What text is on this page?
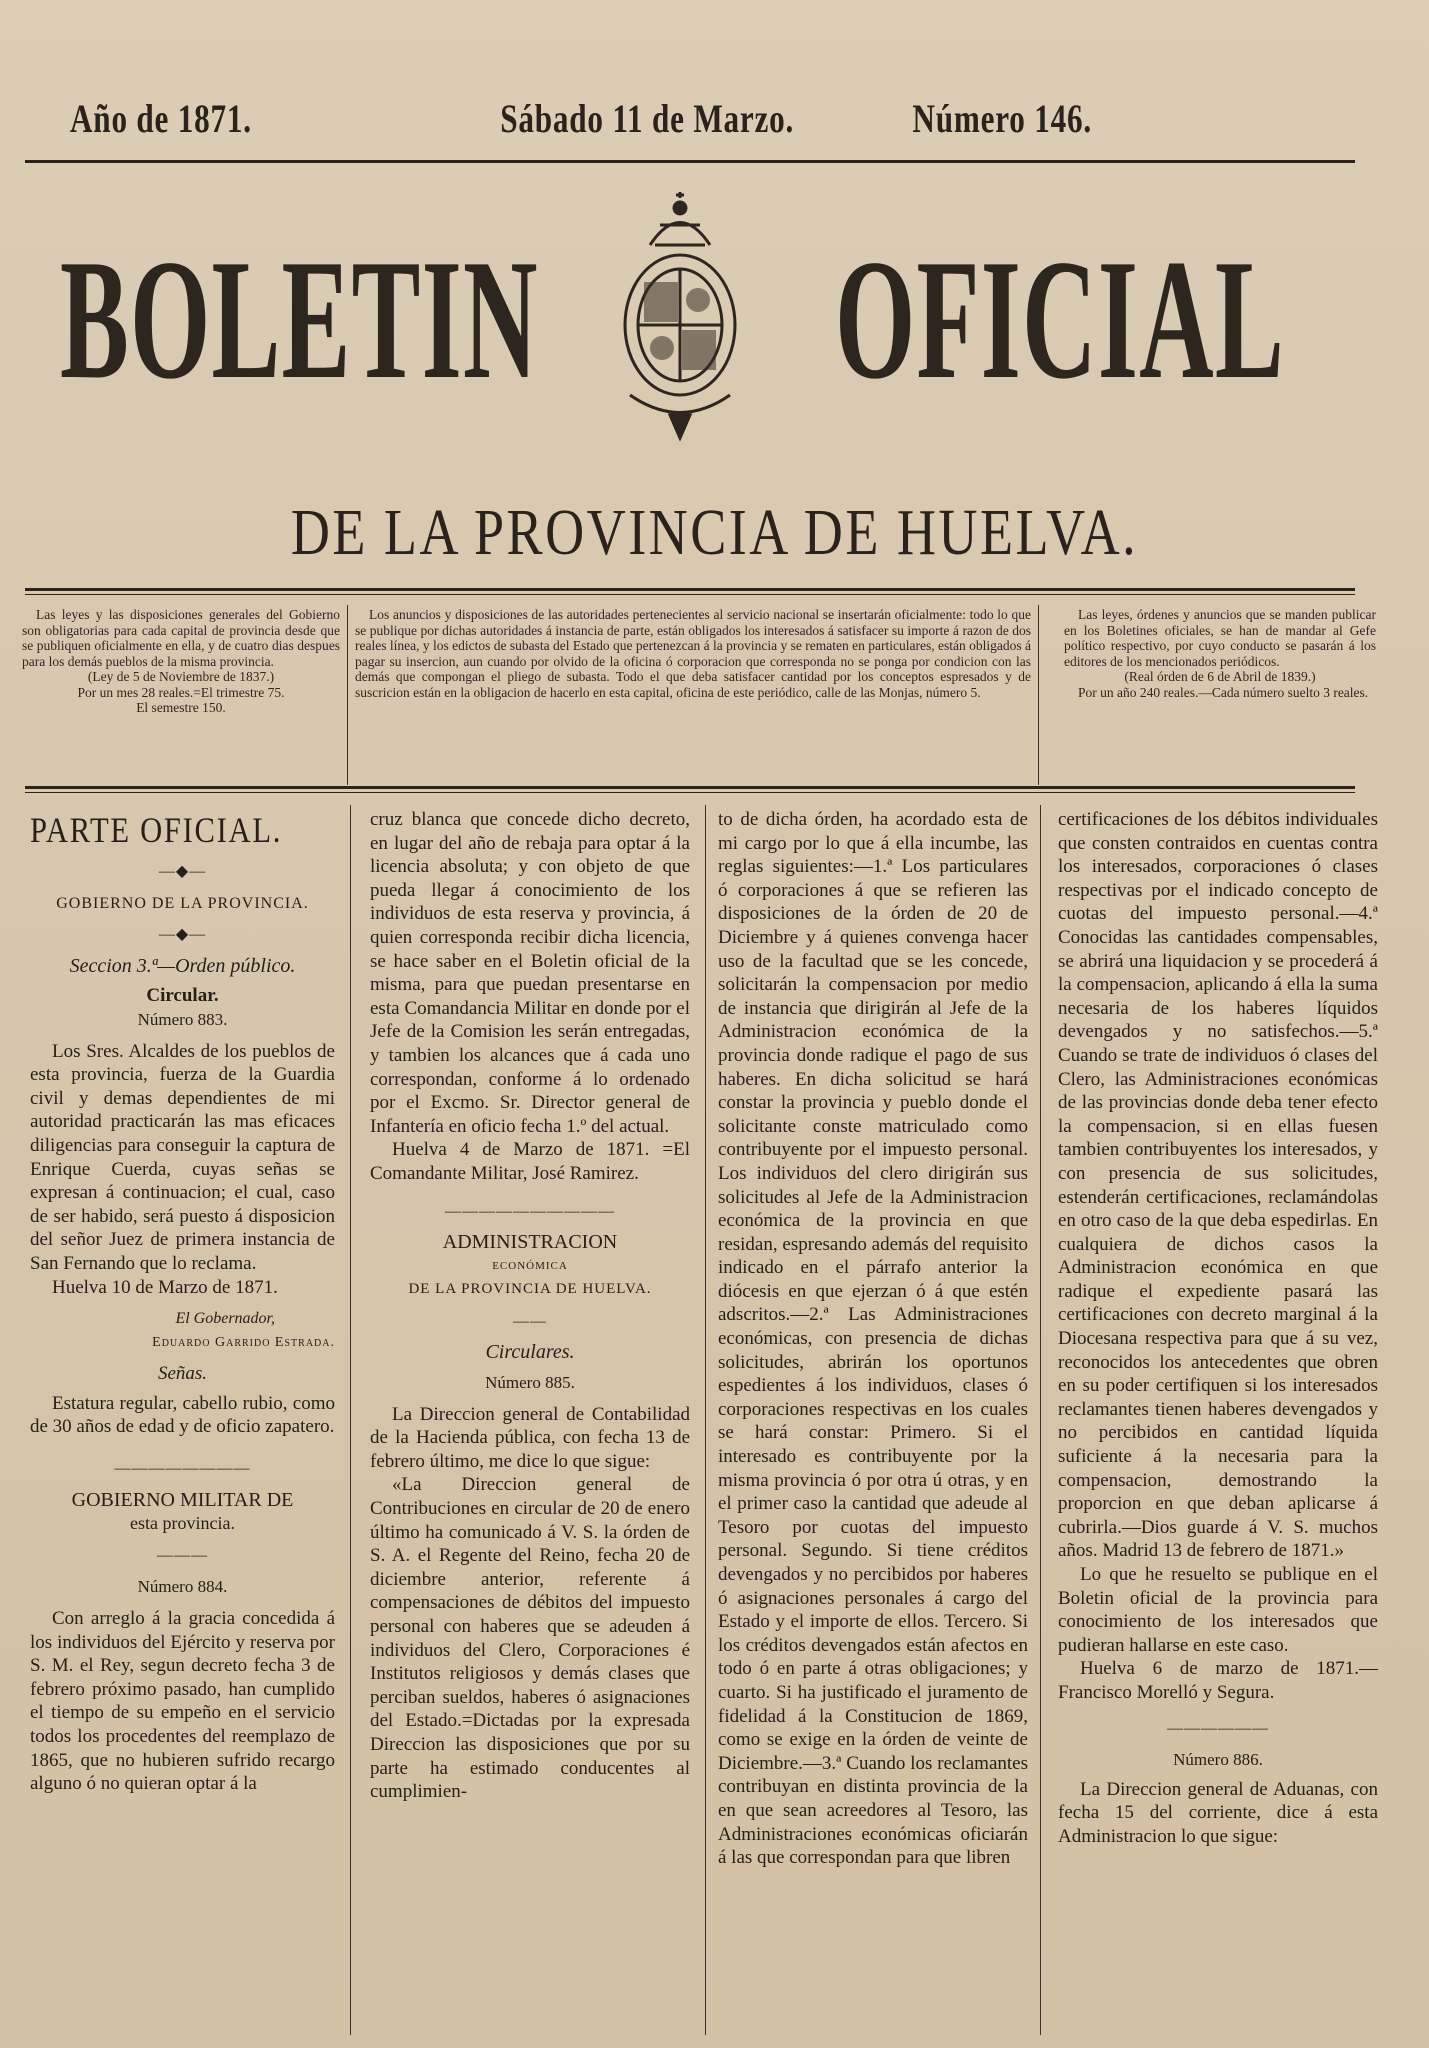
Año de 1871.	Sábado 11 de Marzo.	Número 146.
BOLETIN OFICIAL
DE LA PROVINCIA DE HUELVA.

Las leyes y las disposiciones generales del Gobierno son obligatorias para cada capital de provincia desde que se publiquen oficialmente en ella, y de cuatro dias despues para los demás pueblos de la misma provincia.

(Ley de 5 de Noviembre de 1837.)

Por un mes 28 reales.=El trimestre 75.

El semestre 150.

Los anuncios y disposiciones de las autoridades pertenecientes al servicio nacional se insertarán oficialmente: todo lo que se publique por dichas autoridades á instancia de parte, están obligados los interesados á satisfacer su importe á razon de dos reales línea, y los edictos de subasta del Estado que pertenezcan á la provincia y se rematen en particulares, están obligados á pagar su insercion, aun cuando por olvido de la oficina ó corporacion que corresponda no se ponga por condicion con las demás que compongan el pliego de subasta. Todo el que deba satisfacer cantidad por los conceptos espresados y de suscricion están en la obligacion de hacerlo en esta capital, oficina de este periódico, calle de las Monjas, número 5.

Las leyes, órdenes y anuncios que se manden publicar en los Boletines oficiales, se han de mandar al Gefe político respectivo, por cuyo conducto se pasarán á los editores de los mencionados periódicos.

(Real órden de 6 de Abril de 1839.)

Por un año 240 reales.—Cada número suelto 3 reales.

PARTE OFICIAL.
—◆—

GOBIERNO DE LA PROVINCIA.

—◆—

Seccion 3.ª—Orden público.

Circular.

Número 883.

Los Sres. Alcaldes de los pueblos de esta provincia, fuerza de la Guardia civil y demas dependientes de mi autoridad practicarán las mas eficaces diligencias para conseguir la captura de Enrique Cuerda, cuyas señas se expresan á continuacion; el cual, caso de ser habido, será puesto á disposicion del señor Juez de primera instancia de San Fernando que lo reclama.

Huelva 10 de Marzo de 1871.

El Gobernador,

Eduardo Garrido Estrada.

Señas.

Estatura regular, cabello rubio, como de 30 años de edad y de oficio zapatero.

————————

GOBIERNO MILITAR DE

esta provincia.

———

Número 884.

Con arreglo á la gracia concedida á los individuos del Ejército y reserva por S. M. el Rey, segun decreto fecha 3 de febrero próximo pasado, han cumplido el tiempo de su empeño en el servicio todos los procedentes del reemplazo de 1865, que no hubieren sufrido recargo alguno ó no quieran optar á la

cruz blanca que concede dicho decreto, en lugar del año de rebaja para optar á la licencia absoluta; y con objeto de que pueda llegar á conocimiento de los individuos de esta reserva y provincia, á quien corresponda recibir dicha licencia, se hace saber en el Boletin oficial de la misma, para que puedan presentarse en esta Comandancia Militar en donde por el Jefe de la Comision les serán entregadas, y tambien los alcances que á cada uno correspondan, conforme á lo ordenado por el Excmo. Sr. Director general de Infantería en oficio fecha 1.º del actual.

Huelva 4 de Marzo de 1871. =El Comandante Militar, José Ramirez.

——————————

ADMINISTRACION

ECONÓMICA

DE LA PROVINCIA DE HUELVA.

——

Circulares.

Número 885.

La Direccion general de Contabilidad de la Hacienda pública, con fecha 13 de febrero último, me dice lo que sigue:

«La Direccion general de Contribuciones en circular de 20 de enero último ha comunicado á V. S. la órden de S. A. el Regente del Reino, fecha 20 de diciembre anterior, referente á compensaciones de débitos del impuesto personal con haberes que se adeuden á individuos del Clero, Corporaciones é Institutos religiosos y demás clases que perciban sueldos, haberes ó asignaciones del Estado.=Dictadas por la expresada Direccion las disposiciones que por su parte ha estimado conducentes al cumplimien-

to de dicha órden, ha acordado esta de mi cargo por lo que á ella incumbe, las reglas siguientes:—1.ª Los particulares ó corporaciones á que se refieren las disposiciones de la órden de 20 de Diciembre y á quienes convenga hacer uso de la facultad que se les concede, solicitarán la compensacion por medio de instancia que dirigirán al Jefe de la Administracion económica de la provincia donde radique el pago de sus haberes. En dicha solicitud se hará constar la provincia y pueblo donde el solicitante conste matriculado como contribuyente por el impuesto personal. Los individuos del clero dirigirán sus solicitudes al Jefe de la Administracion económica de la provincia en que residan, espresando además del requisito indicado en el párrafo anterior la diócesis en que ejerzan ó á que estén adscritos.—2.ª Las Administraciones económicas, con presencia de dichas solicitudes, abrirán los oportunos espedientes á los individuos, clases ó corporaciones respectivas en los cuales se hará constar: Primero. Si el interesado es contribuyente por la misma provincia ó por otra ú otras, y en el primer caso la cantidad que adeude al Tesoro por cuotas del impuesto personal. Segundo. Si tiene créditos devengados y no percibidos por haberes ó asignaciones personales á cargo del Estado y el importe de ellos. Tercero. Si los créditos devengados están afectos en todo ó en parte á otras obligaciones; y cuarto. Si ha justificado el juramento de fidelidad á la Constitucion de 1869, como se exige en la órden de veinte de Diciembre.—3.ª Cuando los reclamantes contribuyan en distinta provincia de la en que sean acreedores al Tesoro, las Administraciones económicas oficiarán á las que correspondan para que libren

certificaciones de los débitos individuales que consten contraidos en cuentas contra los interesados, corporaciones ó clases respectivas por el indicado concepto de cuotas del impuesto personal.—4.ª Conocidas las cantidades compensables, se abrirá una liquidacion y se procederá á la compensacion, aplicando á ella la suma necesaria de los haberes líquidos devengados y no satisfechos.—5.ª Cuando se trate de individuos ó clases del Clero, las Administraciones económicas de las provincias donde deba tener efecto la compensacion, si en ellas fuesen tambien contribuyentes los interesados, y con presencia de sus solicitudes, estenderán certificaciones, reclamándolas en otro caso de la que deba espedirlas. En cualquiera de dichos casos la Administracion económica en que radique el expediente pasará las certificaciones con decreto marginal á la Diocesana respectiva para que á su vez, reconocidos los antecedentes que obren en su poder certifiquen si los interesados reclamantes tienen haberes devengados y no percibidos en cantidad líquida suficiente á la necesaria para la compensacion, demostrando la proporcion en que deban aplicarse á cubrirla.—Dios guarde á V. S. muchos años. Madrid 13 de febrero de 1871.»

Lo que he resuelto se publique en el Boletin oficial de la provincia para conocimiento de los interesados que pudieran hallarse en este caso.

Huelva 6 de marzo de 1871.— Francisco Morelló y Segura.

——————

Número 886.

La Direccion general de Aduanas, con fecha 15 del corriente, dice á esta Administracion lo que sigue:
